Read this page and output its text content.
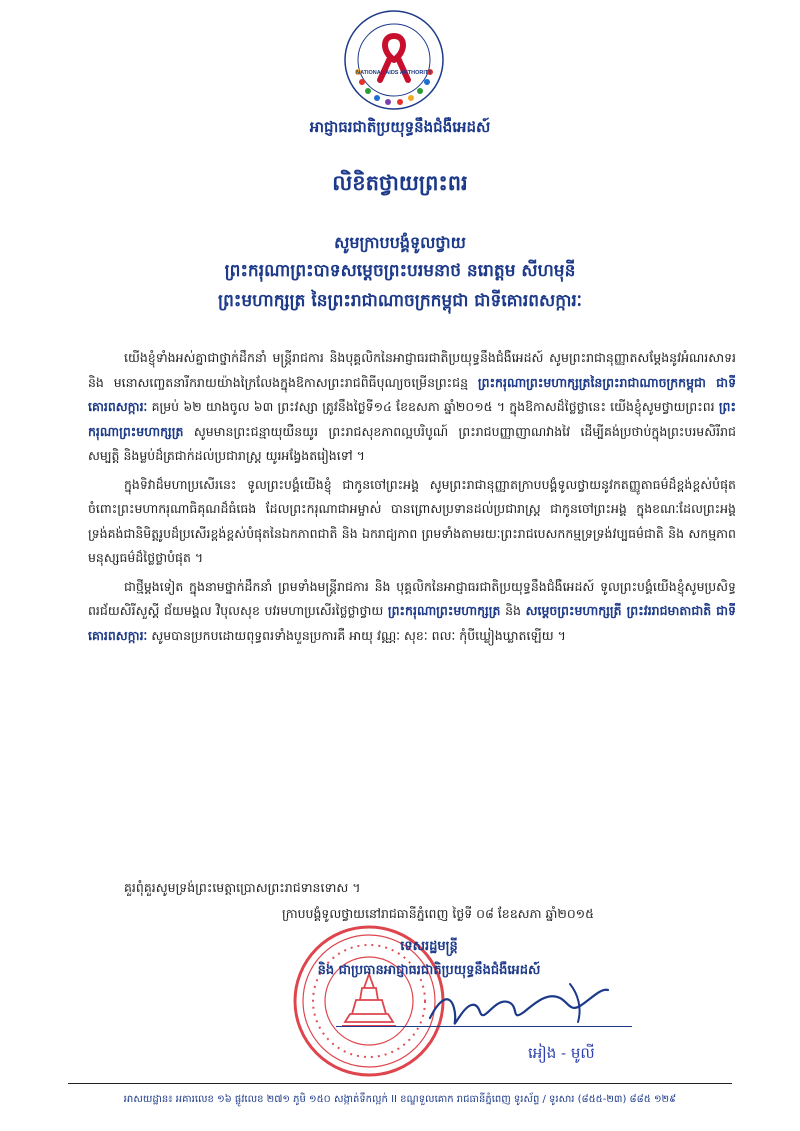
NATIONAL AIDS AUTHORITY
អាជ្ញាធរជាតិប្រយុទ្ធនឹងជំងឺអេដស៍
លិខិតថ្វាយព្រះពរ
សូមក្រាបបង្គំទូលថ្វាយ
ព្រះករុណាព្រះបាទសម្តេចព្រះបរមនាថ នរោត្តម សីហមុនី
ព្រះមហាក្សត្រ នៃព្រះរាជាណាចក្រកម្ពុជា ជាទីគោរពសក្ការៈ

យើងខ្ញុំទាំងអស់គ្នាជាថ្នាក់ដឹកនាំ មន្ត្រីរាជការ និងបុគ្គលិកនៃអាជ្ញាធរជាតិប្រយុទ្ធនឹងជំងឺអេដស៍ សូមព្រះរាជានុញ្ញាតសម្តែងនូវអំណរសាទរ និង មនោសញ្ចេតនារីករាយយ៉ាងក្រៃលែងក្នុងឱកាសព្រះរាជពិធីបុណ្យចម្រើនព្រះជន្ម ព្រះករុណាព្រះមហាក្សត្រនៃព្រះរាជាណាចក្រកម្ពុជា ជាទីគោរពសក្ការៈ គម្រប់ ៦២ យាងចូល ៦៣ ព្រះវស្សា ត្រូវនឹងថ្ងៃទី១៤ ខែឧសភា ឆ្នាំ២០១៥ ។ ក្នុងឱកាសដ៏ថ្លៃថ្លានេះ យើងខ្ញុំសូមថ្វាយព្រះពរ ព្រះករុណាព្រះមហាក្សត្រ សូមមានព្រះជន្មាយុយឺនយូរ ព្រះរាជសុខភាពល្អបរិបូណ៍ ព្រះរាជបញ្ញាញាណវាងវៃ ដើម្បីគង់ប្រថាប់ក្នុងព្រះបរមសិរីរាជសម្បត្តិ និងម្លប់ដ៏ត្រជាក់ដល់ប្រជារាស្ត្រ យូរអង្វែងតរៀងទៅ ។

ក្នុងទិវាដ៏មហាប្រសើរនេះ ទូលព្រះបង្គំយើងខ្ញុំ ជាកូនចៅព្រះអង្គ សូមព្រះរាជានុញ្ញាតក្រាបបង្គំទូលថ្វាយនូវកតញ្ញូតាធម៌ដ៏ខ្ពង់ខ្ពស់បំផុត ចំពោះព្រះមហាករុណាធិគុណដ៏ធំធេង ដែលព្រះករុណាជាអម្ចាស់ បានព្រោសប្រទានដល់ប្រជារាស្ត្រ ជាកូនចៅព្រះអង្គ ក្នុងខណៈដែលព្រះអង្គទ្រង់គង់ជានិមិត្តរូបដ៏ប្រសើរខ្ពង់ខ្ពស់បំផុតនៃឯកភាពជាតិ និង ឯករាជ្យភាព ព្រមទាំងតាមរយៈព្រះរាជបេសកកម្មទ្រទ្រង់វប្បធម៌ជាតិ និង សកម្មភាពមនុស្សធម៌ដ៏ថ្លៃថ្លាបំផុត ។

ជាថ្មីម្តងទៀត ក្នុងនាមថ្នាក់ដឹកនាំ ព្រមទាំងមន្ត្រីរាជការ និង បុគ្គលិកនៃអាជ្ញាធរជាតិប្រយុទ្ធនឹងជំងឺអេដស៍ ទូលព្រះបង្គំយើងខ្ញុំសូមប្រសិទ្ធពរជ័យសិរីសួស្តី ជ័យមង្គល វិបុលសុខ បវរមហាប្រសើរថ្លៃថ្លាថ្វាយ ព្រះករុណាព្រះមហាក្សត្រ និង សម្តេចព្រះមហាក្សត្រី ព្រះវររាជមាតាជាតិ ជាទី គោរពសក្ការៈ សូមបានប្រកបដោយពុទ្ធពរទាំងបួនប្រការគឺ អាយុ វណ្ណៈ សុខៈ ពលៈ កុំបីឃ្លៀងឃ្លាតឡើយ ។

គួរពុំគួរសូមទ្រង់ព្រះមេត្តាប្រោសព្រះរាជទានទោស ។
ក្រាបបង្គំទូលថ្វាយនៅរាជធានីភ្នំពេញ ថ្ងៃទី ០៨ ខែឧសភា ឆ្នាំ២០១៥
ទេសរដ្ឋមន្ត្រី
និង ជាប្រធានអាជ្ញាធរជាតិប្រយុទ្ធនឹងជំងឺអេដស៍
អៀង - មូលី
អាសយដ្ឋាន៖ អគារលេខ ១៦ ផ្លូវលេខ ២៧១ ភូមិ ១៥០ សង្កាត់ទឹកល្អក់ II ខណ្ឌទួលគោក រាជធានីភ្នំពេញ ទូរស័ព្ទ / ទូរសារ (៨៥៥-២៣) ៨៨៥ ១២៩
